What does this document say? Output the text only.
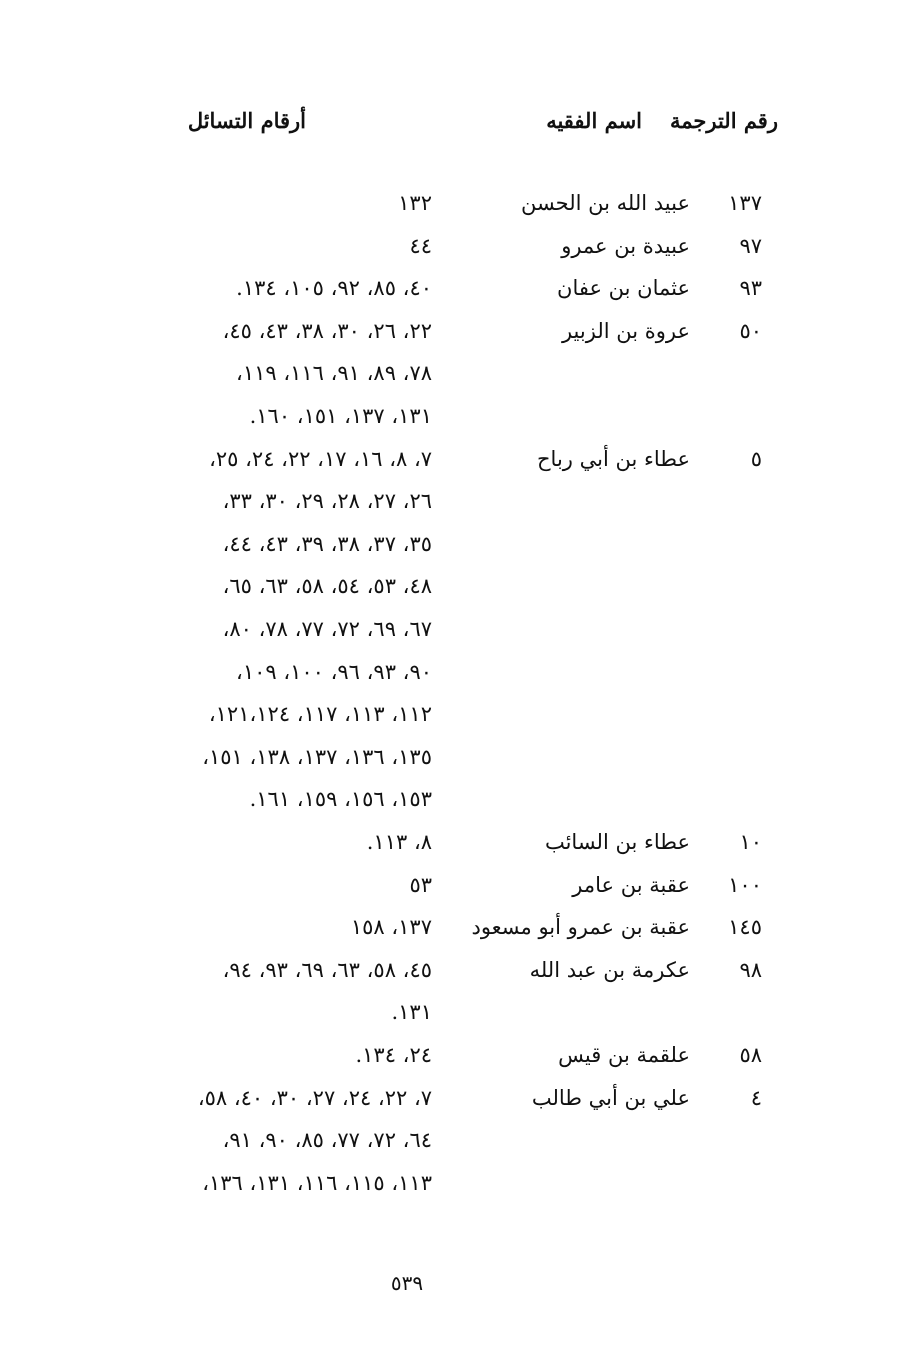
رقم الترجمة
اسم الفقيه
أرقام التسائل
١٣٧
عبيد الله بن الحسن
١٣٢
٩٧
عبيدة بن عمرو
٤٤
٩٣
عثمان بن عفان
٤٠، ٨٥، ٩٢، ١٠٥، ١٣٤.
٥٠
عروة بن الزبير
٢٢، ٢٦، ٣٠، ٣٨، ٤٣، ٤٥،
٧٨، ٨٩، ٩١، ١١٦، ١١٩،
١٣١، ١٣٧، ١٥١، ١٦٠.
٥
عطاء بن أبي رباح
٧، ٨، ١٦، ١٧، ٢٢، ٢٤، ٢٥،
٢٦، ٢٧، ٢٨، ٢٩، ٣٠، ٣٣،
٣٥، ٣٧، ٣٨، ٣٩، ٤٣، ٤٤،
٤٨، ٥٣، ٥٤، ٥٨، ٦٣، ٦٥،
٦٧، ٦٩، ٧٢، ٧٧، ٧٨، ٨٠،
٩٠، ٩٣، ٩٦، ١٠٠، ١٠٩،
١١٢، ١١٣، ١١٧، ١٢١،١٢٤،
١٣٥، ١٣٦، ١٣٧، ١٣٨، ١٥١،
١٥٣، ١٥٦، ١٥٩، ١٦١.
١٠
عطاء بن السائب
٨، ١١٣.
١٠٠
عقبة بن عامر
٥٣
١٤٥
عقبة بن عمرو أبو مسعود
١٣٧، ١٥٨
٩٨
عكرمة بن عبد الله
٤٥، ٥٨، ٦٣، ٦٩، ٩٣، ٩٤،
١٣١.
٥٨
علقمة بن قيس
٢٤، ١٣٤.
٤
علي بن أبي طالب
٧، ٢٢، ٢٤، ٢٧، ٣٠، ٤٠، ٥٨،
٦٤، ٧٢، ٧٧، ٨٥، ٩٠، ٩١،
١١٣، ١١٥، ١١٦، ١٣١، ١٣٦،
٥٣٩
